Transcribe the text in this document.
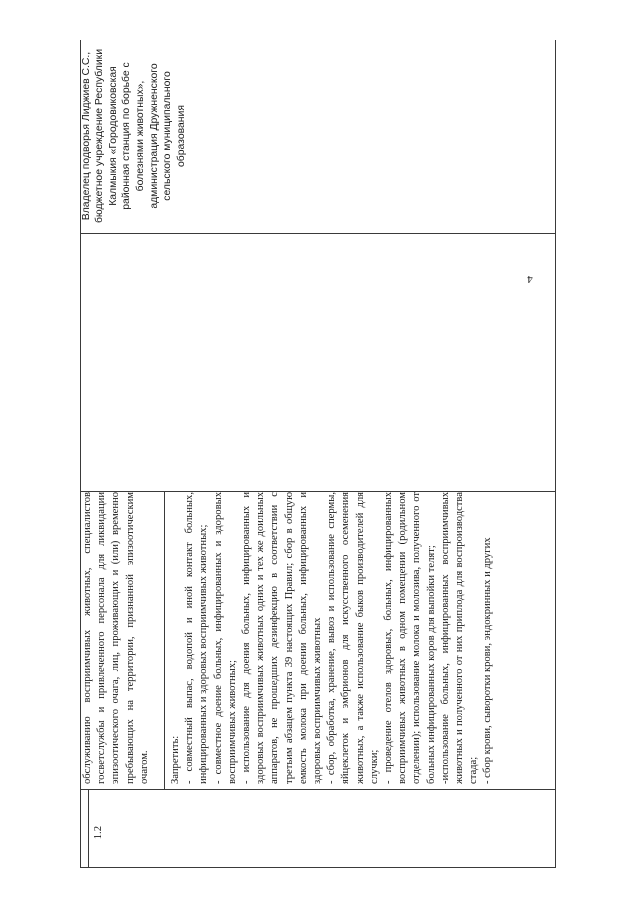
1.2

обслуживанию восприимчивых животных, специалистов госветслужбы и привлеченного персонала для ликвидации эпизоотического очага, лиц, проживающих и (или) временно пребывающих на территории, признанной эпизоотическим очагом. Запретить: - совместный выпас, водопой и иной контакт больных, инфицированных и здоровых восприимчивых животных; - совместное доение больных, инфицированных и здоровых восприимчивых животных; - использование для доения больных, инфицированных и здоровых восприимчивых животных одних и тех же доильных аппаратов, не прошедших дезинфекцию в соответствии с третьим абзацем пункта 39 настоящих Правил; сбор в общую емкость молока при доении больных, инфицированных и здоровых восприимчивых животных - сбор, обработка, хранение, вывоз и использование спермы, яйцеклеток и эмбрионов для искусственного осеменения животных, а также использование быков производителей для случки; - проведение отелов здоровых, больных, инфицированных восприимчивых животных в одном помещении (родильном отделении); использование молока и молозива, полученного от больных инфицированных коров для выпойки телят; -использование больных, инфицированных восприимчивых животных и полученного от них приплода для воспроизводства стада; - сбор крови, сыворотки крови, эндокринных и других

Владелец подворья Лиджиев С.С., бюджетное учреждение Республики Калмыкия «Городовиковская районная станция по борьбе с болезнями животных», администрация Дружненского сельского муниципального образования
4
